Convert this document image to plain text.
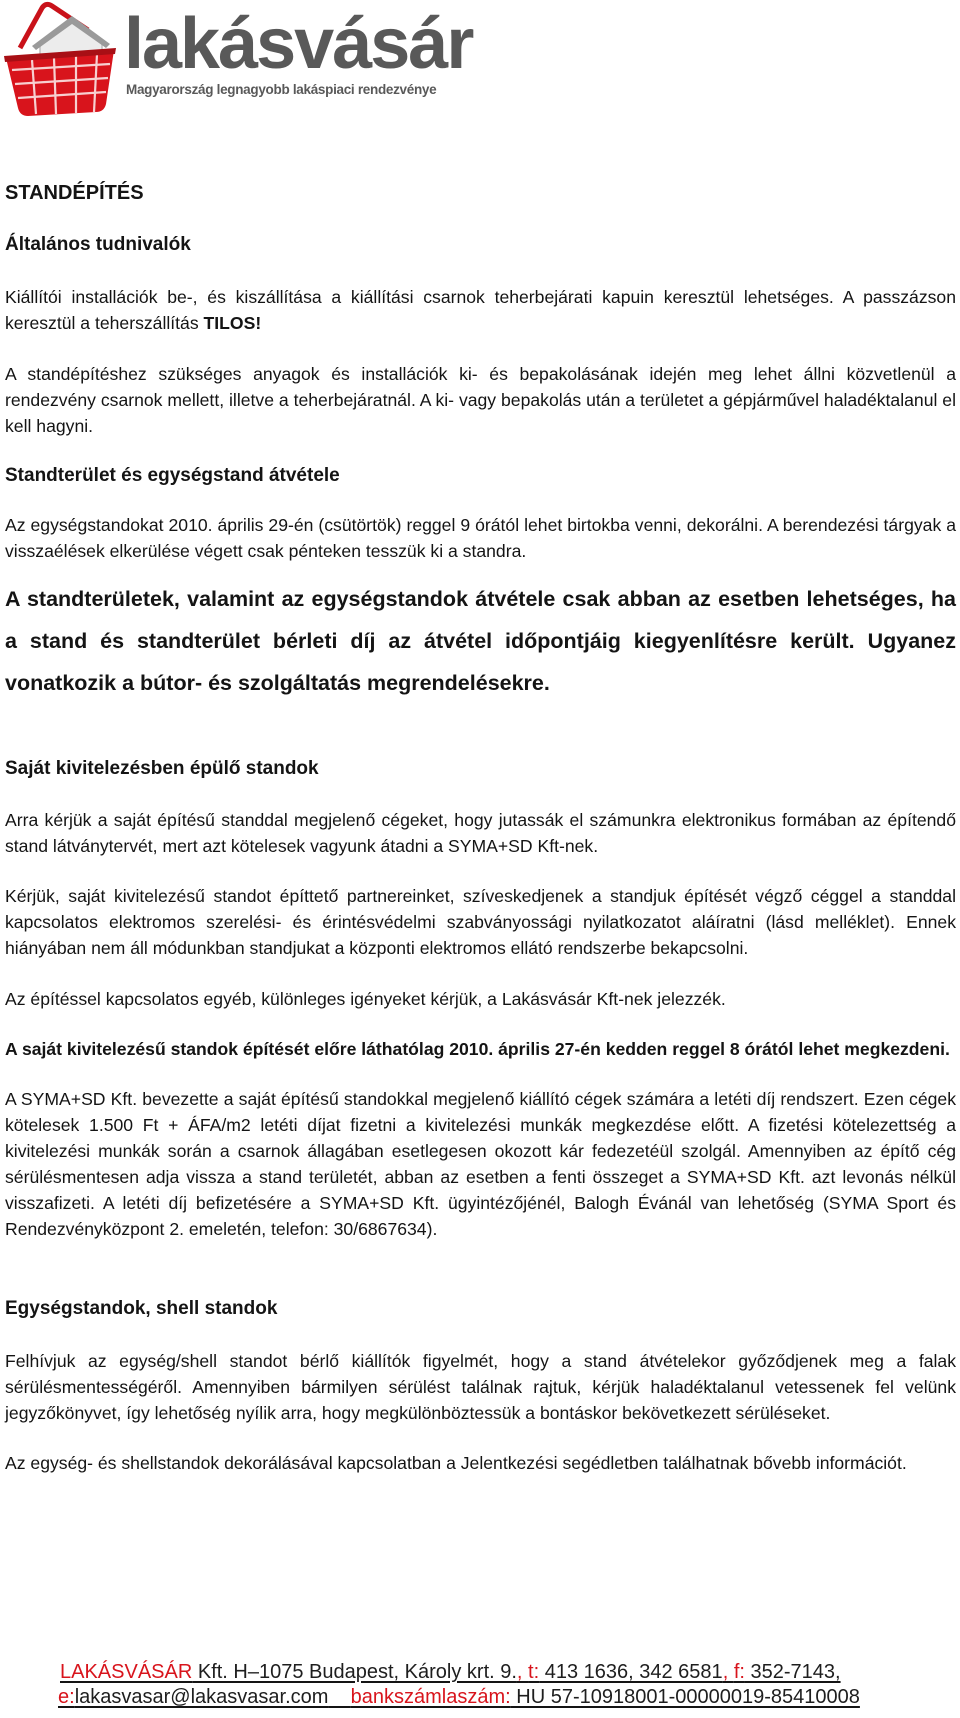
lakásvásár
Magyarország legnagyobb lakáspiaci rendezvénye

STANDÉPÍTÉS

Általános tudnivalók

Kiállítói installációk be-, és kiszállítása a kiállítási csarnok teherbejárati kapuin keresztül lehetséges. A passzázson keresztül a teherszállítás TILOS!

A standépítéshez szükséges anyagok és installációk ki- és bepakolásának idején meg lehet állni közvetlenül a rendezvény csarnok mellett, illetve a teherbejáratnál. A ki- vagy bepakolás után a területet a gépjárművel haladéktalanul el kell hagyni.

Standterület és egységstand átvétele

Az egységstandokat 2010. április 29-én (csütörtök) reggel 9 órától lehet birtokba venni, dekorálni. A berendezési tárgyak a visszaélések elkerülése végett csak pénteken tesszük ki a standra.

A standterületek, valamint az egységstandok átvétele csak abban az esetben lehetséges, ha a stand és standterület bérleti díj az átvétel időpontjáig kiegyenlítésre került. Ugyanez vonatkozik a bútor- és szolgáltatás megrendelésekre.

Saját kivitelezésben épülő standok

Arra kérjük a saját építésű standdal megjelenő cégeket, hogy jutassák el számunkra elektronikus formában az építendő stand látványtervét, mert azt kötelesek vagyunk átadni a SYMA+SD Kft-nek.

Kérjük, saját kivitelezésű standot építtető partnereinket, szíveskedjenek a standjuk építését végző céggel a standdal kapcsolatos elektromos szerelési- és érintésvédelmi szabványossági nyilatkozatot aláíratni (lásd melléklet). Ennek hiányában nem áll módunkban standjukat a központi elektromos ellátó rendszerbe bekapcsolni.

Az építéssel kapcsolatos egyéb, különleges igényeket kérjük, a Lakásvásár Kft-nek jelezzék.

A saját kivitelezésű standok építését előre láthatólag 2010. április 27-én kedden reggel 8 órától lehet megkezdeni.

A SYMA+SD Kft. bevezette a saját építésű standokkal megjelenő kiállító cégek számára a letéti díj rendszert. Ezen cégek kötelesek 1.500 Ft + ÁFA/m2 letéti díjat fizetni a kivitelezési munkák megkezdése előtt. A fizetési kötelezettség a kivitelezési munkák során a csarnok állagában esetlegesen okozott kár fedezetéül szolgál. Amennyiben az építő cég sérülésmentesen adja vissza a stand területét, abban az esetben a fenti összeget a SYMA+SD Kft. azt levonás nélkül visszafizeti. A letéti díj befizetésére a SYMA+SD Kft. ügyintézőjénél, Balogh Évánál van lehetőség (SYMA Sport és Rendezvényközpont 2. emeletén, telefon: 30/6867634).

Egységstandok, shell standok

Felhívjuk az egység/shell standot bérlő kiállítók figyelmét, hogy a stand átvételekor győződjenek meg a falak sérülésmentességéről. Amennyiben bármilyen sérülést találnak rajtuk, kérjük haladéktalanul vetessenek fel velünk jegyzőkönyvet, így lehetőség nyílik arra, hogy megkülönböztessük a bontáskor bekövetkezett sérüléseket.

Az egység- és shellstandok dekorálásával kapcsolatban a Jelentkezési segédletben találhatnak bővebb információt.

LAKÁSVÁSÁR Kft. H–1075 Budapest, Károly krt. 9., t: 413 1636, 342 6581, f: 352-7143,
e:lakasvasar@lakasvasar.com bankszámlaszám: HU 57-10918001-00000019-85410008
